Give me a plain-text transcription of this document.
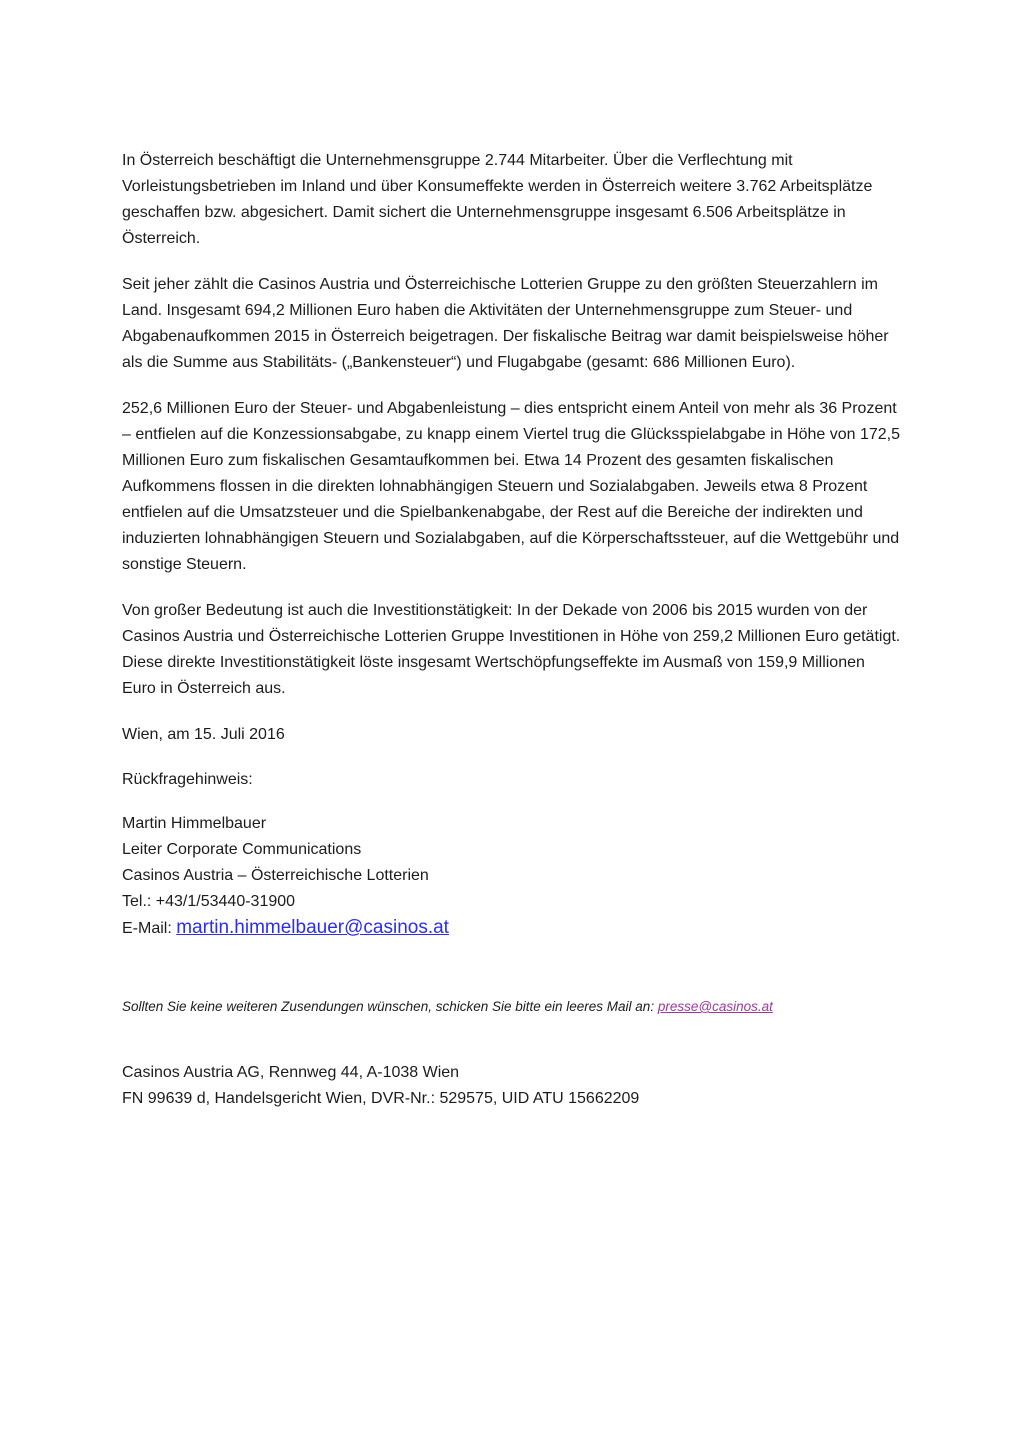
In Österreich beschäftigt die Unternehmensgruppe 2.744 Mitarbeiter. Über die Verflechtung mit Vorleistungsbetrieben im Inland und über Konsumeffekte werden in Österreich weitere 3.762 Arbeitsplätze geschaffen bzw. abgesichert. Damit sichert die Unternehmensgruppe insgesamt 6.506 Arbeitsplätze in Österreich.

Seit jeher zählt die Casinos Austria und Österreichische Lotterien Gruppe zu den größten Steuerzahlern im Land. Insgesamt 694,2 Millionen Euro haben die Aktivitäten der Unternehmensgruppe zum Steuer- und Abgabenaufkommen 2015 in Österreich beigetragen. Der fiskalische Beitrag war damit beispielsweise höher als die Summe aus Stabilitäts- („Bankensteuer“) und Flugabgabe (gesamt: 686 Millionen Euro).

252,6 Millionen Euro der Steuer- und Abgabenleistung – dies entspricht einem Anteil von mehr als 36 Prozent – entfielen auf die Konzessionsabgabe, zu knapp einem Viertel trug die Glücksspielabgabe in Höhe von 172,5 Millionen Euro zum fiskalischen Gesamtaufkommen bei. Etwa 14 Prozent des gesamten fiskalischen Aufkommens flossen in die direkten lohnabhängigen Steuern und Sozialabgaben. Jeweils etwa 8 Prozent entfielen auf die Umsatzsteuer und die Spielbankenabgabe, der Rest auf die Bereiche der indirekten und induzierten lohnabhängigen Steuern und Sozialabgaben, auf die Körperschaftssteuer, auf die Wettgebühr und sonstige Steuern.

Von großer Bedeutung ist auch die Investitionstätigkeit: In der Dekade von 2006 bis 2015 wurden von der Casinos Austria und Österreichische Lotterien Gruppe Investitionen in Höhe von 259,2 Millionen Euro getätigt. Diese direkte Investitionstätigkeit löste insgesamt Wertschöpfungseffekte im Ausmaß von 159,9 Millionen Euro in Österreich aus.

Wien, am 15. Juli 2016

Rückfragehinweis:

Martin Himmelbauer

Leiter Corporate Communications

Casinos Austria – Österreichische Lotterien

Tel.: +43/1/53440-31900

E-Mail: martin.himmelbauer@casinos.at

Sollten Sie keine weiteren Zusendungen wünschen, schicken Sie bitte ein leeres Mail an: presse@casinos.at

Casinos Austria AG, Rennweg 44, A-1038 Wien

FN 99639 d, Handelsgericht Wien, DVR-Nr.: 529575, UID ATU 15662209
